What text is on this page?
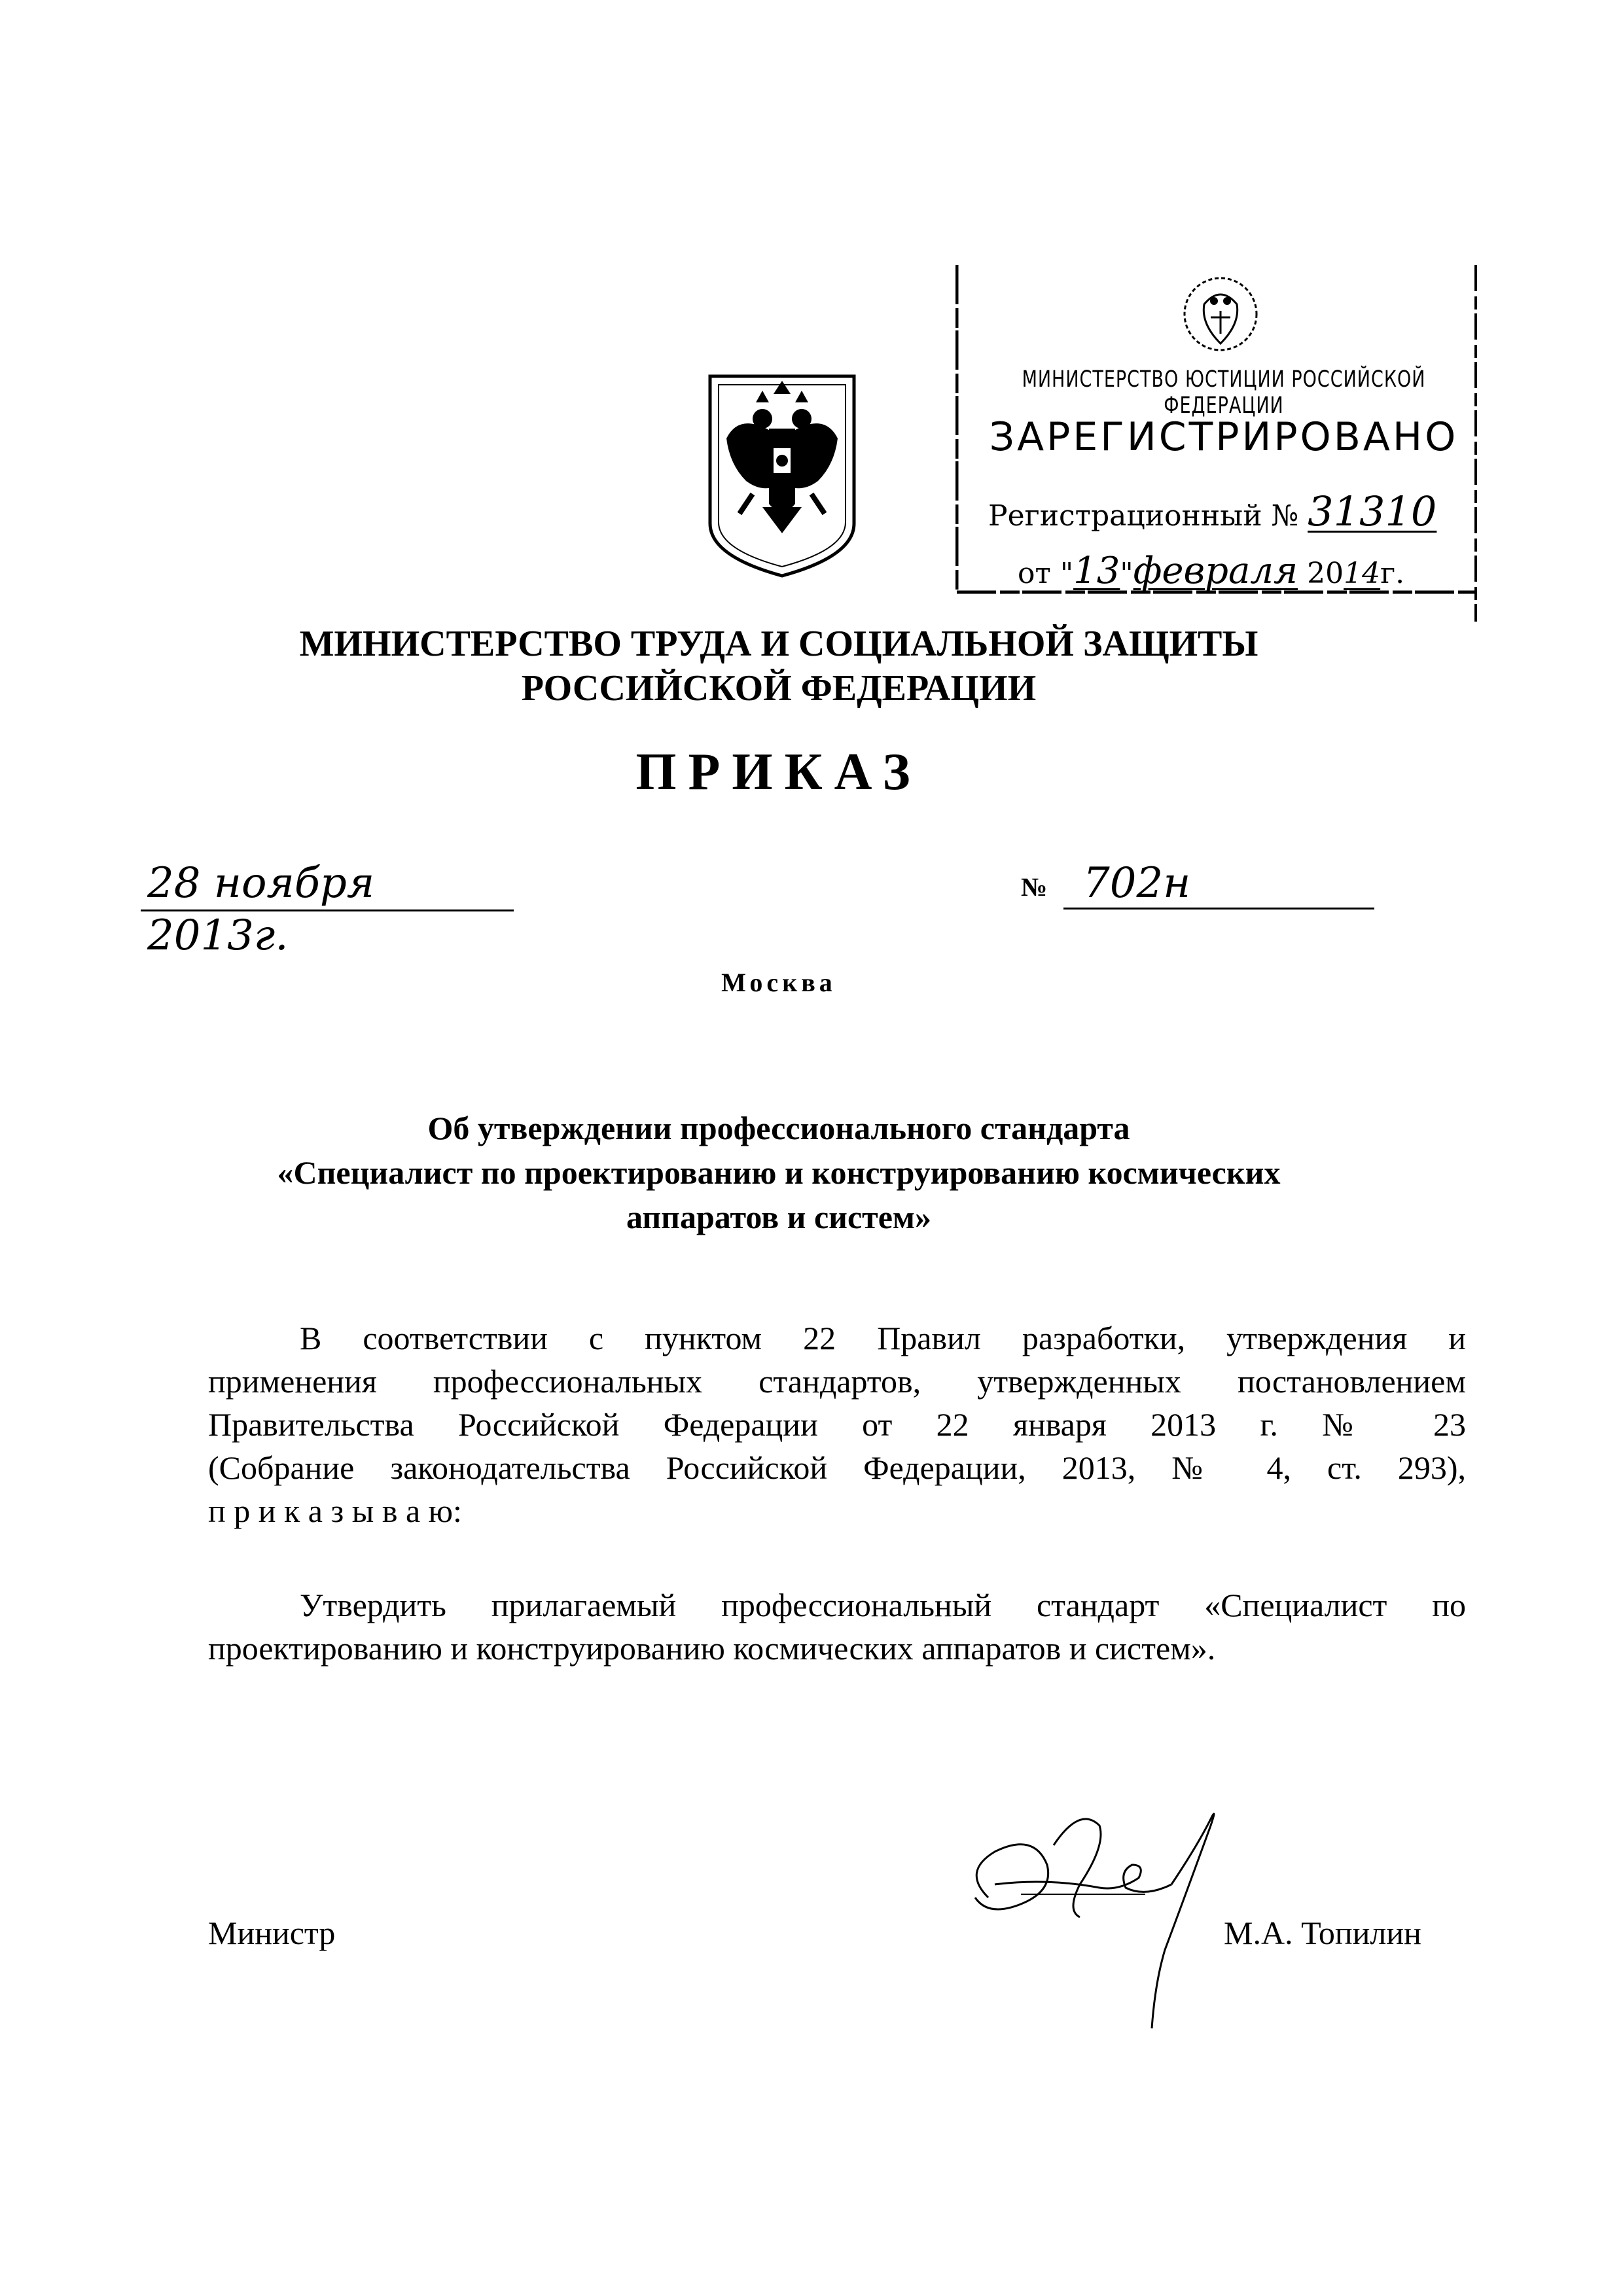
МИНИСТЕРСТВО ЮСТИЦИИ РОССИЙСКОЙ ФЕДЕРАЦИИ
ЗАРЕГИСТРИРОВАНО
Регистрационный № 31310
от "13"февраля 2014г.
МИНИСТЕРСТВО ТРУДА И СОЦИАЛЬНОЙ ЗАЩИТЫ
РОССИЙСКОЙ ФЕДЕРАЦИИ
ПРИКАЗ
28 ноября 2013г.
№ 702н
Москва
Об утверждении профессионального стандарта
«Специалист по проектированию и конструированию космических
аппаратов и систем»
В соответствии с пунктом 22 Правил разработки, утверждения и
применения профессиональных стандартов, утвержденных постановлением
Правительства Российской Федерации от 22 января 2013 г. № 23
(Собрание законодательства Российской Федерации, 2013, № 4, ст. 293),
п р и к а з ы в а ю:
Утвердить прилагаемый профессиональный стандарт «Специалист по
проектированию и конструированию космических аппаратов и систем».
Министр	М.А. Топилин
